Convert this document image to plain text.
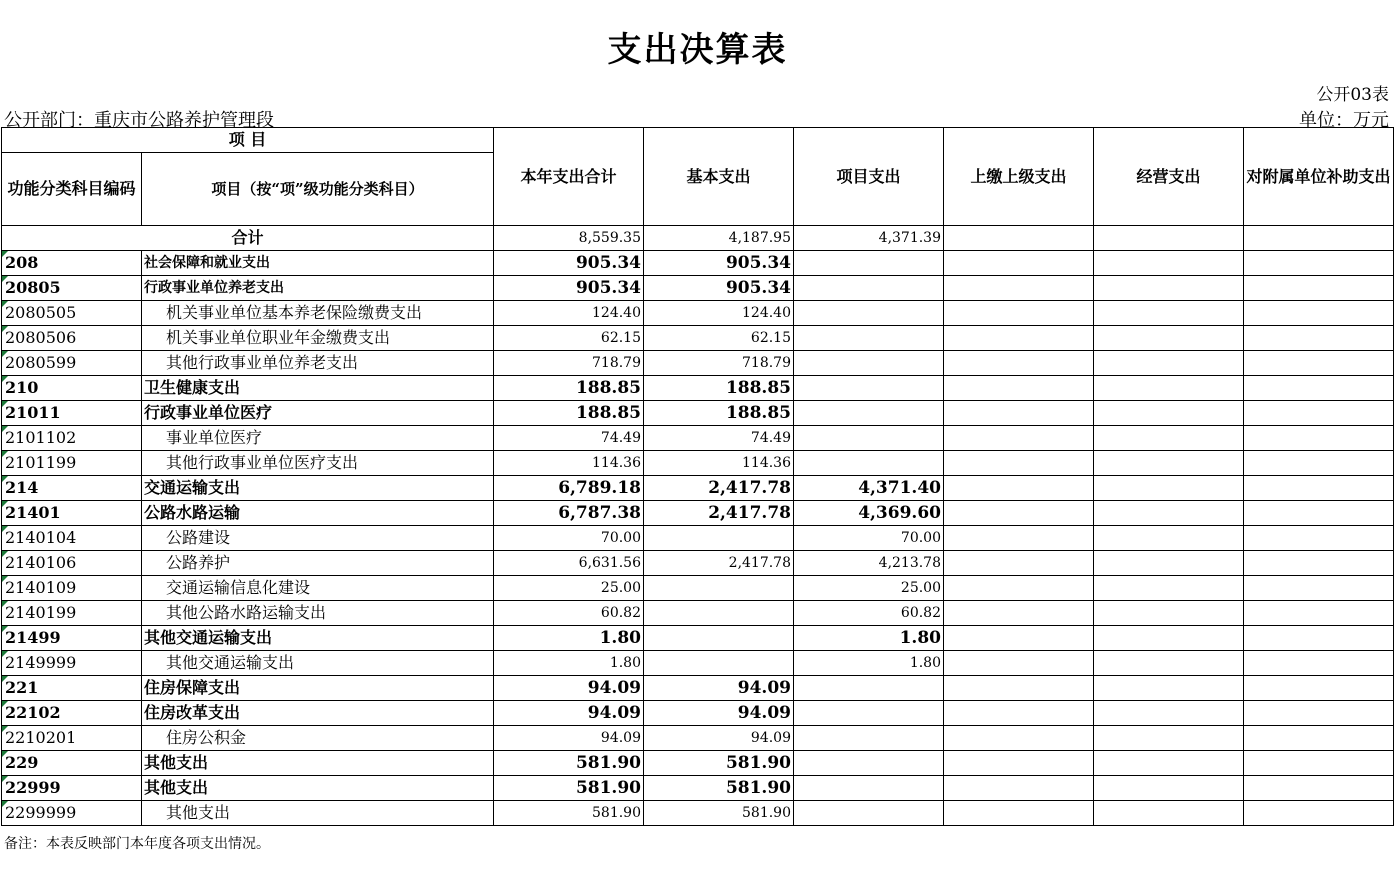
支出决算表
公开03表
公开部门：重庆市公路养护管理段	单位：万元
项 目		本年支出合计	基本支出	项目支出	上缴上级支出	经营支出	对附属单位补助支出
功能分类科目编码	项目（按“项”级功能分类科目）						
合计		8,559.35	4,187.95	4,371.39			
208	社会保障和就业支出	905.34	905.34				
20805	行政事业单位养老支出	905.34	905.34				
2080505	机关事业单位基本养老保险缴费支出	124.40	124.40				
2080506	机关事业单位职业年金缴费支出	62.15	62.15				
2080599	其他行政事业单位养老支出	718.79	718.79				
210	卫生健康支出	188.85	188.85				
21011	行政事业单位医疗	188.85	188.85				
2101102	事业单位医疗	74.49	74.49				
2101199	其他行政事业单位医疗支出	114.36	114.36				
214	交通运输支出	6,789.18	2,417.78	4,371.40			
21401	公路水路运输	6,787.38	2,417.78	4,369.60			
2140104	公路建设	70.00		70.00			
2140106	公路养护	6,631.56	2,417.78	4,213.78			
2140109	交通运输信息化建设	25.00		25.00			
2140199	其他公路水路运输支出	60.82		60.82			
21499	其他交通运输支出	1.80		1.80			
2149999	其他交通运输支出	1.80		1.80			
221	住房保障支出	94.09	94.09				
22102	住房改革支出	94.09	94.09				
2210201	住房公积金	94.09	94.09				
229	其他支出	581.90	581.90				
22999	其他支出	581.90	581.90				
2299999	其他支出	581.90	581.90				
备注：本表反映部门本年度各项支出情况。
